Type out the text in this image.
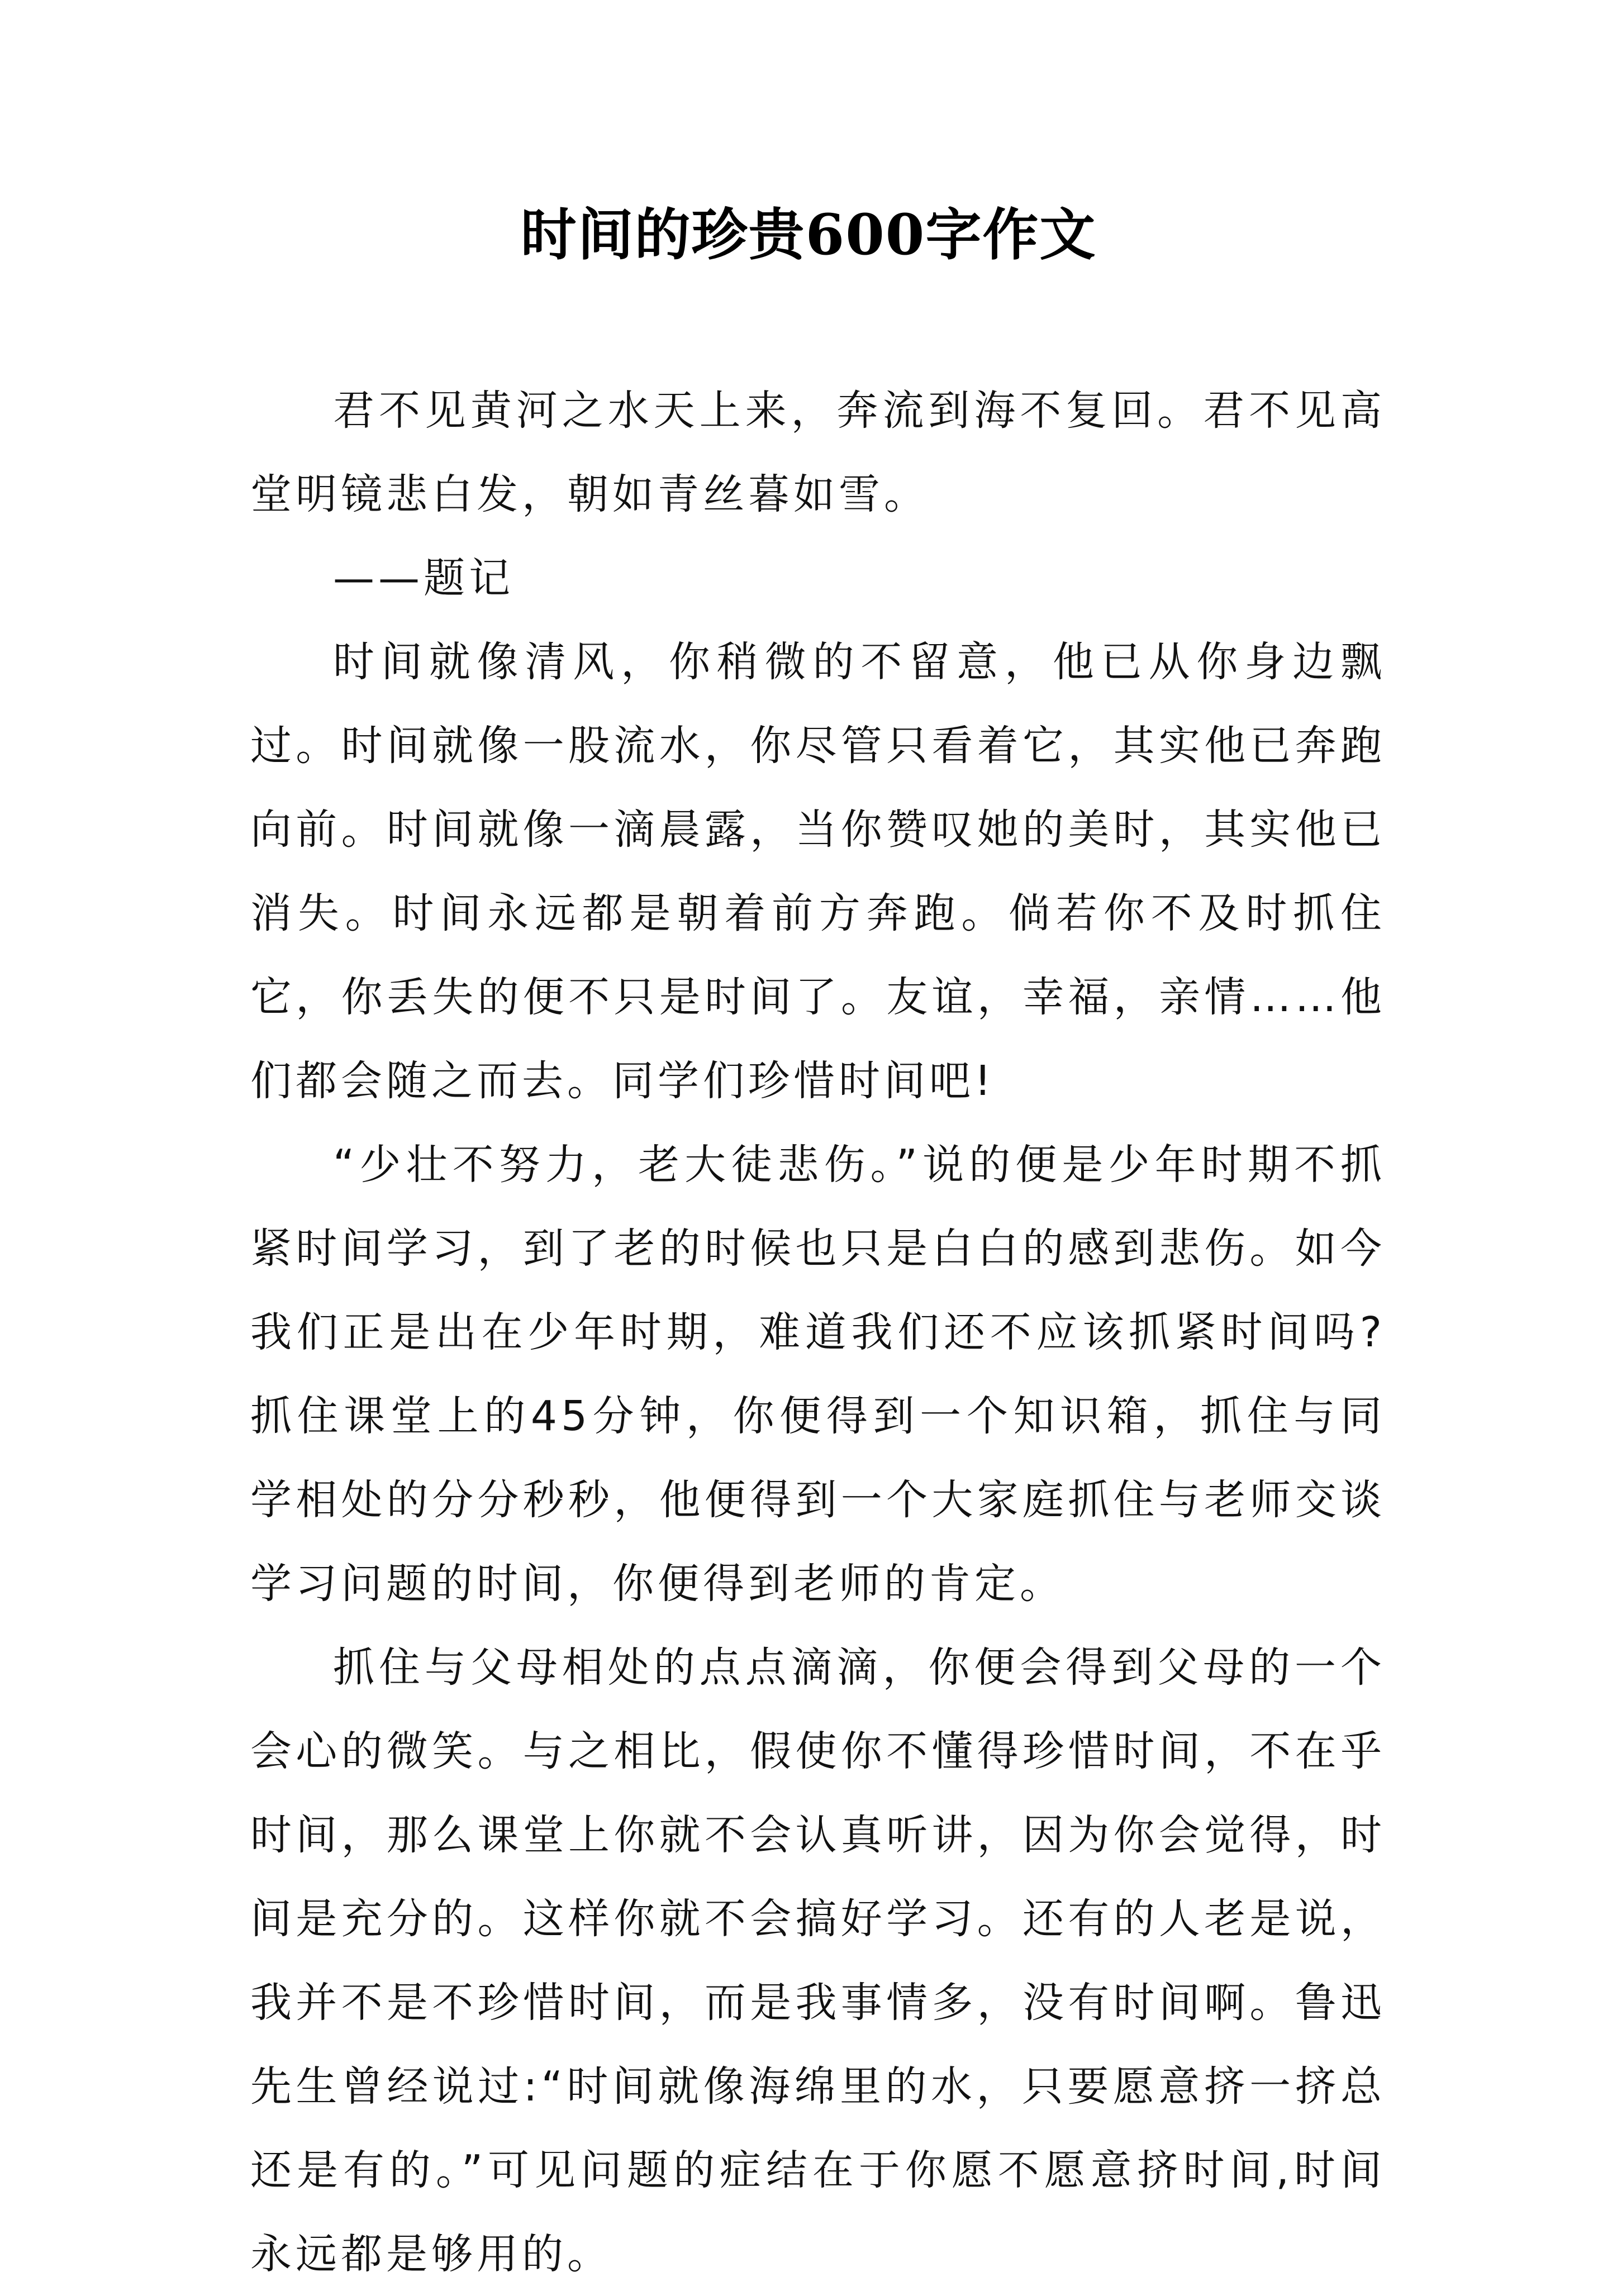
时间的珍贵600字作文

君不见黄河之水天上来，奔流到海不复回。君不见高堂明镜悲白发，朝如青丝暮如雪。

——题记

时间就像清风，你稍微的不留意，他已从你身边飘过。时间就像一股流水，你尽管只看着它，其实他已奔跑向前。时间就像一滴晨露，当你赞叹她的美时，其实他已消失。时间永远都是朝着前方奔跑。倘若你不及时抓住它，你丢失的便不只是时间了。友谊，幸福，亲情……他们都会随之而去。同学们珍惜时间吧!

“少壮不努力，老大徒悲伤。”说的便是少年时期不抓紧时间学习，到了老的时候也只是白白的感到悲伤。如今我们正是出在少年时期，难道我们还不应该抓紧时间吗?抓住课堂上的45分钟，你便得到一个知识箱，抓住与同学相处的分分秒秒，他便得到一个大家庭抓住与老师交谈学习问题的时间，你便得到老师的肯定。

抓住与父母相处的点点滴滴，你便会得到父母的一个会心的微笑。与之相比，假使你不懂得珍惜时间，不在乎时间，那么课堂上你就不会认真听讲，因为你会觉得，时间是充分的。这样你就不会搞好学习。还有的人老是说，我并不是不珍惜时间，而是我事情多，没有时间啊。鲁迅先生曾经说过:“时间就像海绵里的水，只要愿意挤一挤总还是有的。”可见问题的症结在于你愿不愿意挤时间,时间永远都是够用的。
